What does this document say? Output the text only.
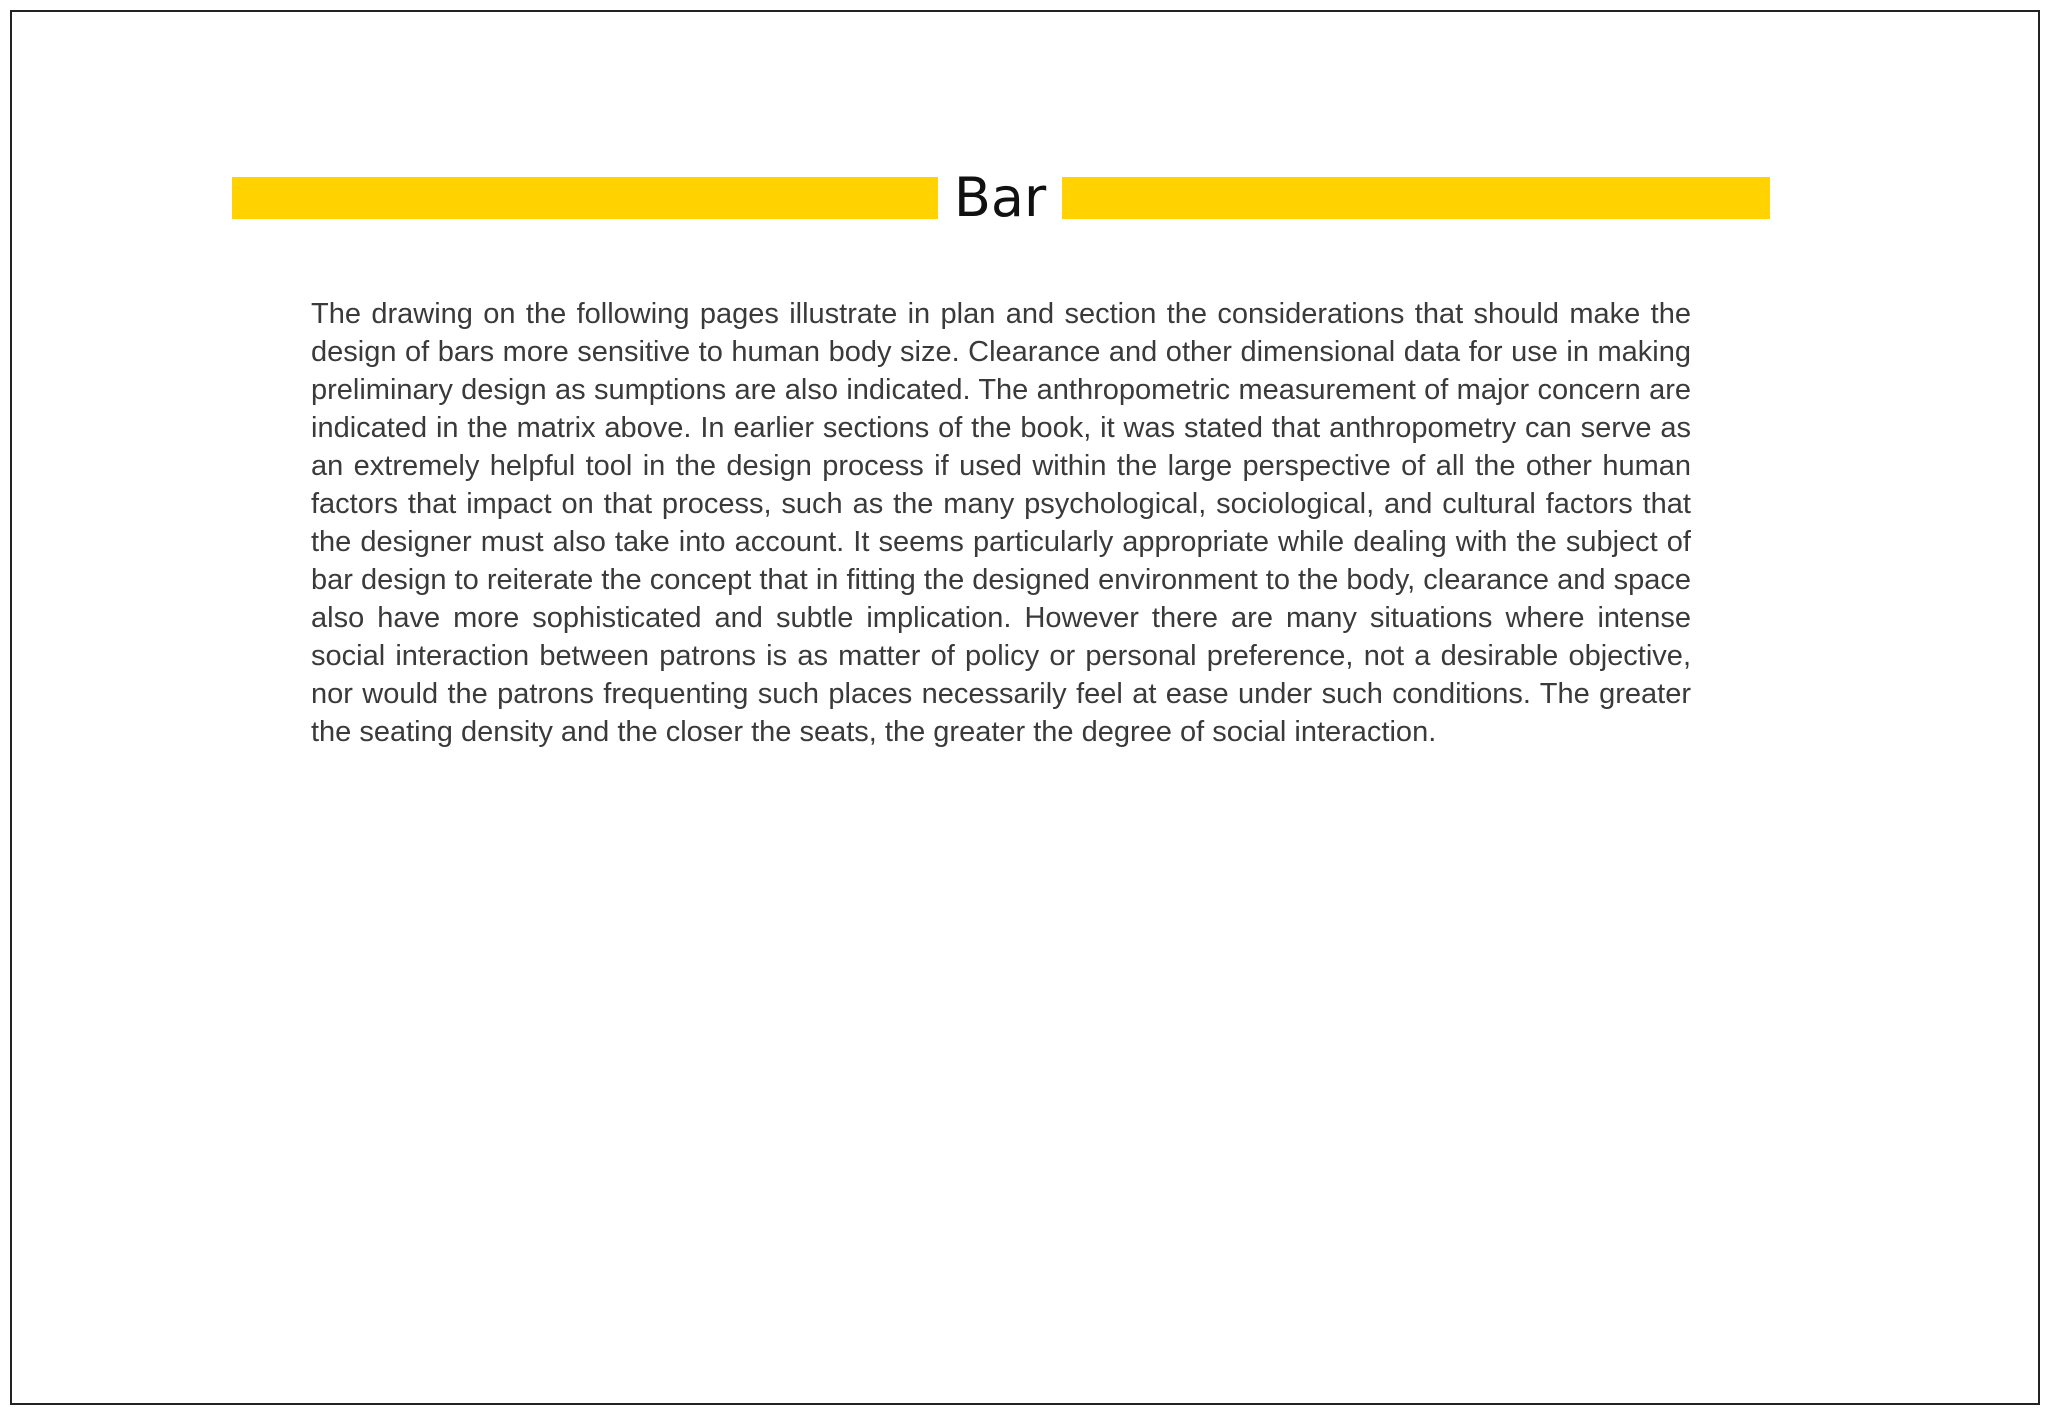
Bar

The drawing on the following pages illustrate in plan and section the considerations that should make the design of bars more sensitive to human body size. Clearance and other dimensional data for use in making preliminary design as sumptions are also indicated. The anthropometric measurement of major concern are indicated in the matrix above. In earlier sections of the book, it was stated that anthropometry can serve as an extremely helpful tool in the design process if used within the large perspective of all the other human factors that impact on that process, such as the many psychological, sociological, and cultural factors that the designer must also take into account. It seems particularly appropriate while dealing with the subject of bar design to reiterate the concept that in fitting the designed environment to the body, clearance and space also have more sophisticated and subtle implication. However there are many situations where intense social interaction between patrons is as matter of policy or personal preference, not a desirable objective, nor would the patrons frequenting such places necessarily feel at ease under such conditions. The greater the seating density and the closer the seats, the greater the degree of social interaction.
